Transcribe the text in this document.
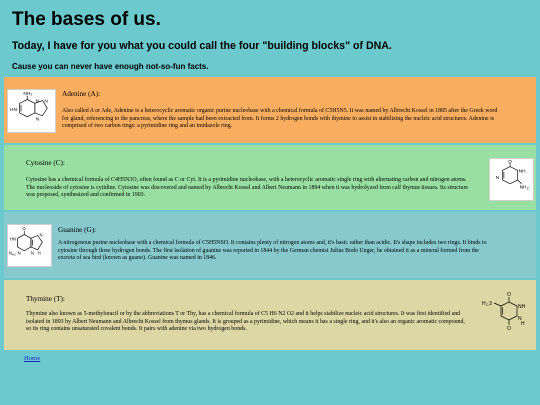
The bases of us.
Today, I have for you what you could call the four "building blocks" of DNA.
Cause you can never have enough not-so-fun facts.
NH 2
N N
N
HN
Adenine (A):
Also called A or Ade, Adenine is a heterocyclic aromatic organic purine nucleobase with a chemical formula of C5H5N5. It was named by Albrecht Kossel in 1885 after the Greek word for gland, referencing to the pancreas, where the sample had been extracted from. It forms 2 hydrogen bonds with thymine to assist in stabilizing the nucleic acid structures. Adenine is comprised of two carbon rings: a pyrimidine ring and an imidazole ring.
Cytosine (C):
Cytosine has a chemical formula of C4H5N3O, often found as C or Cyt. It is a pyrimidine nucleobase, with a heterocyclic aromatic single ring with alternating carbon and nitrogen atoms. The nucleoside of cytosine is cytidine. Cytosine was discovered and named by Albrecht Kossel and Albert Neumann in 1894 when it was hydrolyzed from calf thymus tissues. Its structure was proposed, synthesized and confirmed in 1903.
O
NH
N
NH 2
O
HN
N H 2 N
N
N H
Guanine (G):
A nitrogenous purine nucleobase with a chemical formula of C5H5NSO. It contains plenty of nitrogen atoms and, it's basic rather than acidic. It's shape includes two rings. It binds to cytosine through three hydrogen bonds. The first isolation of guanine was reported in 1844 by the German chemist Julius Bodo Unger, he obtained it as a mineral formed from the excreta of sea bird (known as guano). Guanine was named in 1846.
Thymine (T):
Thymine also known as 5-methyluracil or by the abbreviations T or Thy, has a chemical formula of C5 H6 N2 O2 and it helps stabilize nucleic acid structures. It was first identified and isolated in 1893 by Albert Neumann and Albrecht Kossel from thymus glands. It is grouped as a pyrimidine, which means it has a single ring, and it's also an organic aromatic compound, so its ring contains unsaturated covalent bonds. It pairs with adenine via two hydrogen bonds.
O
H C 3	NH
N
O
H
Home
